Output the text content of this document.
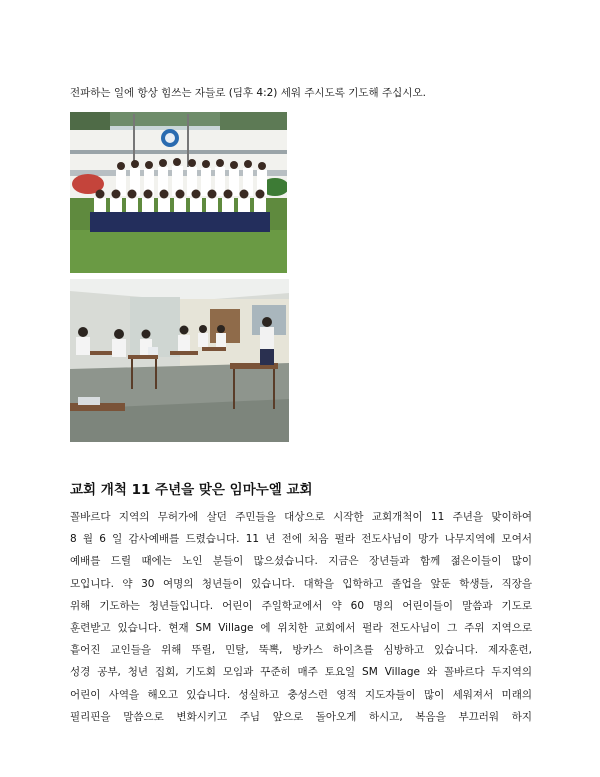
전파하는 일에 항상 힘쓰는 자들로 (딤후 4:2) 세워 주시도록 기도해 주십시오.
교회 개척 11 주년을 맞은 임마누엘 교회
꼴바르다 지역의 무허가에 살던 주민들을 대상으로 시작한 교회개척이 11 주년을 맞이하여
8 월 6 일 감사예배를 드렸습니다. 11 년 전에 처음 펄라 전도사님이 망가 나무지역에 모여서
예배를 드릴 때에는 노인 분들이 많으셨습니다. 지금은 장년들과 함께 젊은이들이 많이
모입니다. 약 30 여명의 청년들이 있습니다. 대학을 입학하고 졸업을 앞둔 학생들, 직장을
위해 기도하는 청년들입니다. 어린이 주일학교에서 약 60 명의 어린이들이 말씀과 기도로
훈련받고 있습니다. 현재 SM Village 에 위치한 교회에서 펄라 전도사님이 그 주위 지역으로
흩어진 교인들을 위해 뚜릴, 민탈, 뚝뽁, 방카스 하이츠를 심방하고 있습니다. 제자훈련,
성경 공부, 청년 집회, 기도회 모임과 꾸준히 매주 토요일 SM Village 와 꼴바르다 두지역의
어린이 사역을 해오고 있습니다. 성실하고 충성스런 영적 지도자들이 많이 세워져서 미래의
필리핀을 말씀으로 변화시키고 주님 앞으로 돌아오게 하시고, 복음을 부끄러워 하지
